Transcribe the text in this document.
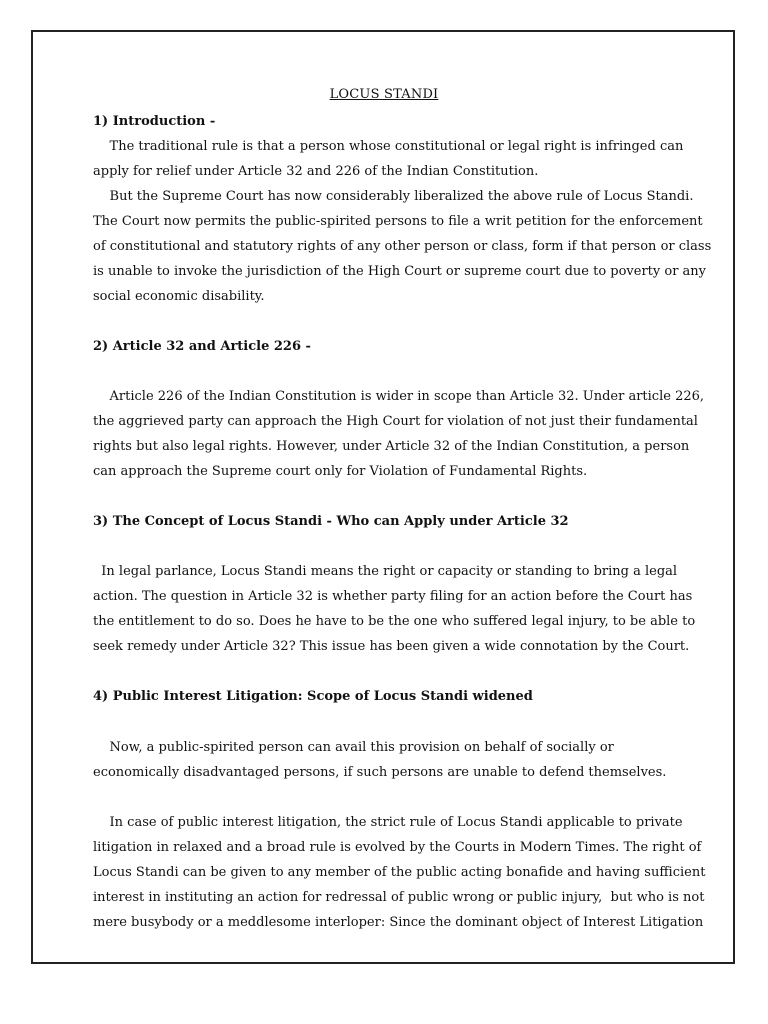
LOCUS STANDI
1) Introduction -
The traditional rule is that a person whose constitutional or legal right is infringed can
apply for relief under Article 32 and 226 of the Indian Constitution.
But the Supreme Court has now considerably liberalized the above rule of Locus Standi.
The Court now permits the public-spirited persons to file a writ petition for the enforcement
of constitutional and statutory rights of any other person or class, form if that person or class
is unable to invoke the jurisdiction of the High Court or supreme court due to poverty or any
social economic disability.
2) Article 32 and Article 226 -
Article 226 of the Indian Constitution is wider in scope than Article 32. Under article 226,
the aggrieved party can approach the High Court for violation of not just their fundamental
rights but also legal rights. However, under Article 32 of the Indian Constitution, a person
can approach the Supreme court only for Violation of Fundamental Rights.
3) The Concept of Locus Standi - Who can Apply under Article 32
In legal parlance, Locus Standi means the right or capacity or standing to bring a legal
action. The question in Article 32 is whether party filing for an action before the Court has
the entitlement to do so. Does he have to be the one who suffered legal injury, to be able to
seek remedy under Article 32? This issue has been given a wide connotation by the Court.
4) Public Interest Litigation: Scope of Locus Standi widened
Now, a public-spirited person can avail this provision on behalf of socially or
economically disadvantaged persons, if such persons are unable to defend themselves.
In case of public interest litigation, the strict rule of Locus Standi applicable to private
litigation in relaxed and a broad rule is evolved by the Courts in Modern Times. The right of
Locus Standi can be given to any member of the public acting bonafide and having sufficient
interest in instituting an action for redressal of public wrong or public injury,  but who is not
mere busybody or a meddlesome interloper: Since the dominant object of Interest Litigation
